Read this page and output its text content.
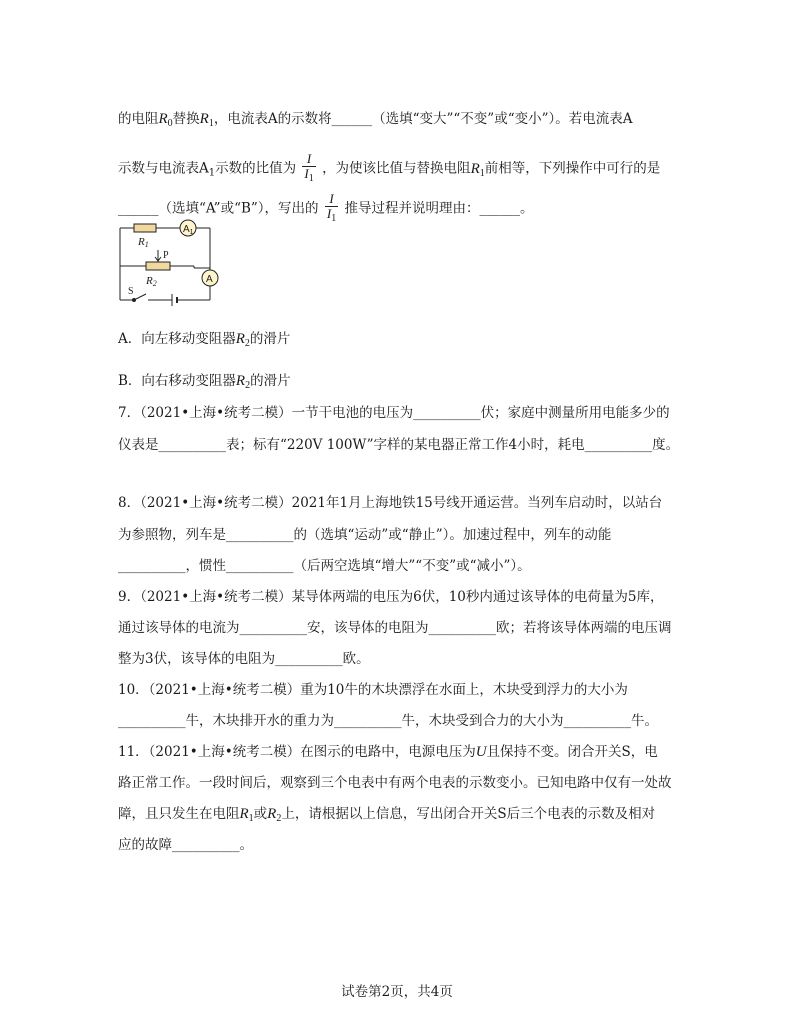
的电阻$R_0$替换$R_1$，电流表A的示数将______（选填“变大”“不变”或“变小”）。若电流表A
示数与电流表$A_1$示数的比值为 $\frac{I}{I_1}$ ，为使该比值与替换电阻$R_1$前相等，下列操作中可行的是
______（选填“A”或“B”），写出的 $\frac{I}{I_1}$ 推导过程并说明理由：______。
R1
R2
P
$A_1$
A
S
A．向左移动变阻器$R_2$的滑片
B．向右移动变阻器$R_2$的滑片
7．（2021•上海•统考二模）一节干电池的电压为__________伏；家庭中测量所用电能多少的
仪表是__________表；标有“220V 100W”字样的某电器正常工作4小时，耗电__________度。
8．（2021•上海•统考二模）2021年1月上海地铁15号线开通运营。当列车启动时，以站台
为参照物，列车是__________的（选填“运动”或“静止”）。加速过程中，列车的动能
__________，惯性__________（后两空选填“增大”“不变”或“减小”）。
9．（2021•上海•统考二模）某导体两端的电压为6伏，10秒内通过该导体的电荷量为5库，
通过该导体的电流为__________安，该导体的电阻为__________欧；若将该导体两端的电压调
整为3伏，该导体的电阻为__________欧。
10．（2021•上海•统考二模）重为10牛的木块漂浮在水面上，木块受到浮力的大小为
__________牛，木块排开水的重力为__________牛，木块受到合力的大小为__________牛。
11．（2021•上海•统考二模）在图示的电路中，电源电压为U且保持不变。闭合开关S，电
路正常工作。一段时间后，观察到三个电表中有两个电表的示数变小。已知电路中仅有一处故
障，且只发生在电阻$R_1$或$R_2$上，请根据以上信息，写出闭合开关S后三个电表的示数及相对
应的故障__________。
试卷第2页，共4页
